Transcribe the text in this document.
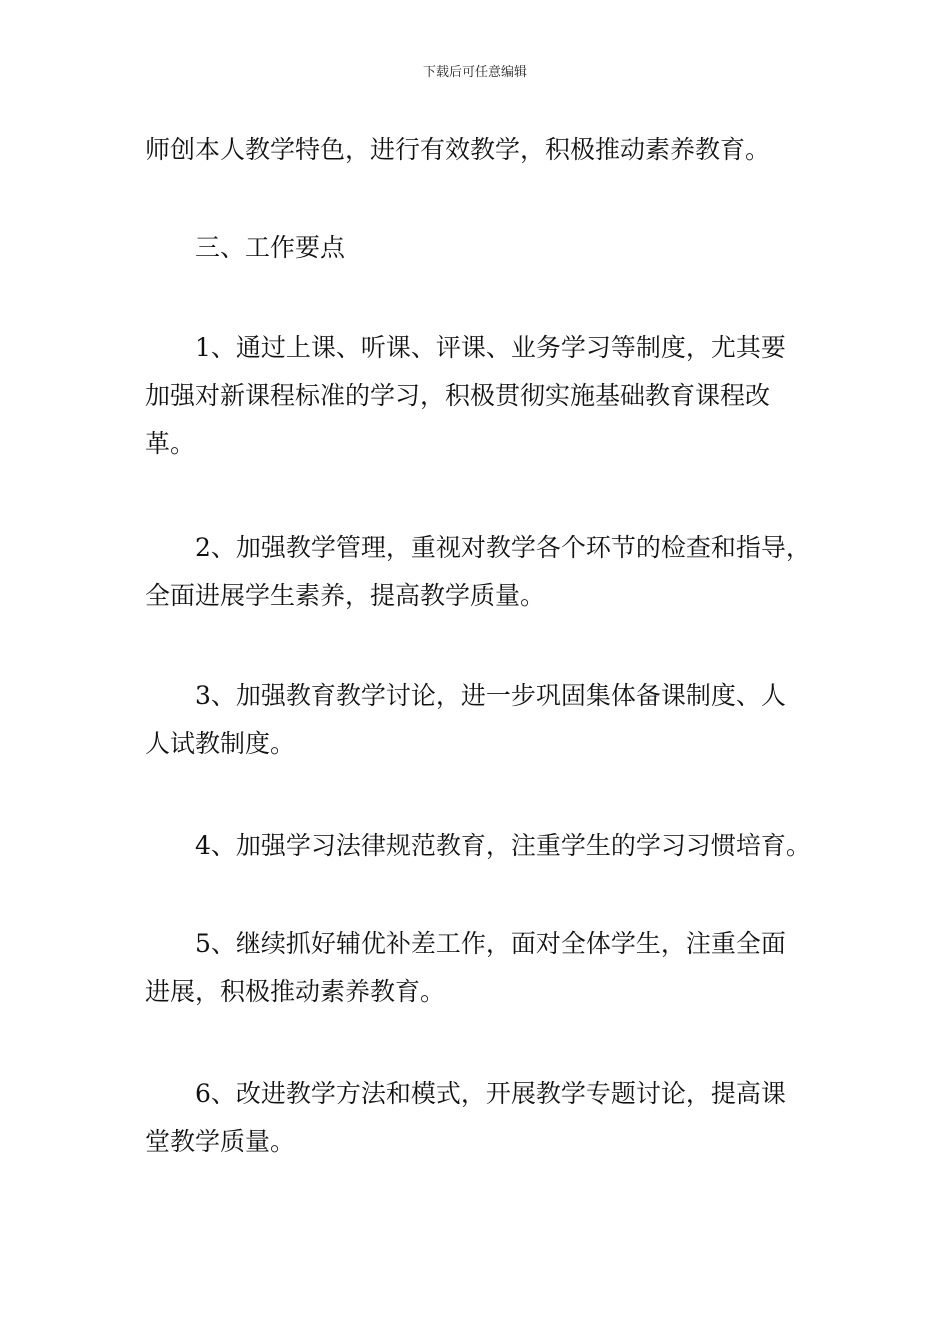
下载后可任意编辑
师创本人教学特色，进行有效教学，积极推动素养教育。
三、工作要点
1、通过上课、听课、评课、业务学习等制度，尤其要
加强对新课程标准的学习，积极贯彻实施基础教育课程改
革。
2、加强教学管理，重视对教学各个环节的检查和指导，
全面进展学生素养，提高教学质量。
3、加强教育教学讨论，进一步巩固集体备课制度、人
人试教制度。
4、加强学习法律规范教育，注重学生的学习习惯培育。
5、继续抓好辅优补差工作，面对全体学生，注重全面
进展，积极推动素养教育。
6、改进教学方法和模式，开展教学专题讨论，提高课
堂教学质量。
